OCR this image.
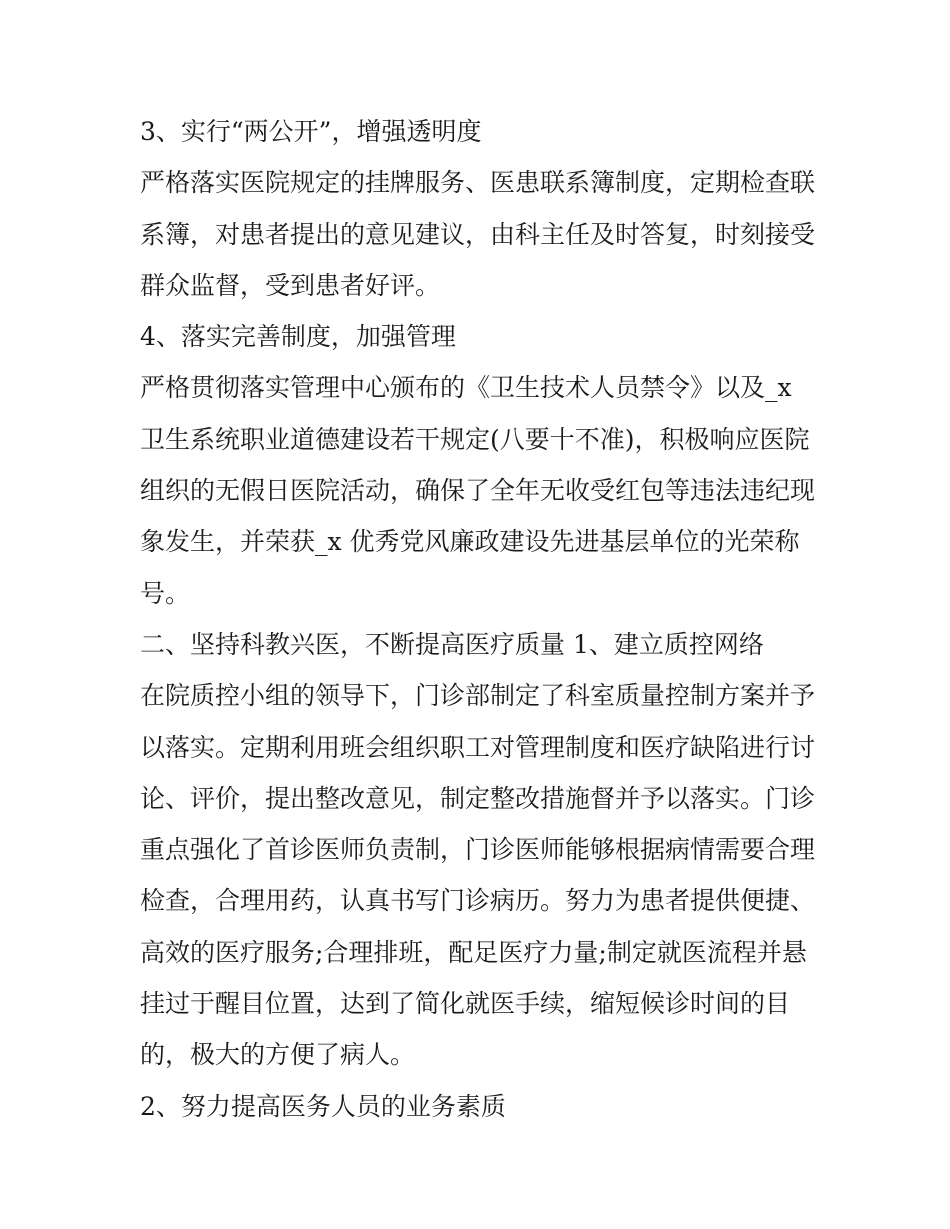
3、实行“两公开”，增强透明度
严格落实医院规定的挂牌服务、医患联系簿制度，定期检查联
系簿，对患者提出的意见建议，由科主任及时答复，时刻接受
群众监督，受到患者好评。
4、落实完善制度，加强管理
严格贯彻落实管理中心颁布的《卫生技术人员禁令》以及_x
卫生系统职业道德建设若干规定(八要十不准)，积极响应医院
组织的无假日医院活动，确保了全年无收受红包等违法违纪现
象发生，并荣获_x 优秀党风廉政建设先进基层单位的光荣称
号。
二、坚持科教兴医，不断提高医疗质量 1、建立质控网络
在院质控小组的领导下，门诊部制定了科室质量控制方案并予
以落实。定期利用班会组织职工对管理制度和医疗缺陷进行讨
论、评价，提出整改意见，制定整改措施督并予以落实。门诊
重点强化了首诊医师负责制，门诊医师能够根据病情需要合理
检查，合理用药，认真书写门诊病历。努力为患者提供便捷、
高效的医疗服务;合理排班，配足医疗力量;制定就医流程并悬
挂过于醒目位置，达到了简化就医手续，缩短候诊时间的目
的，极大的方便了病人。
2、努力提高医务人员的业务素质
